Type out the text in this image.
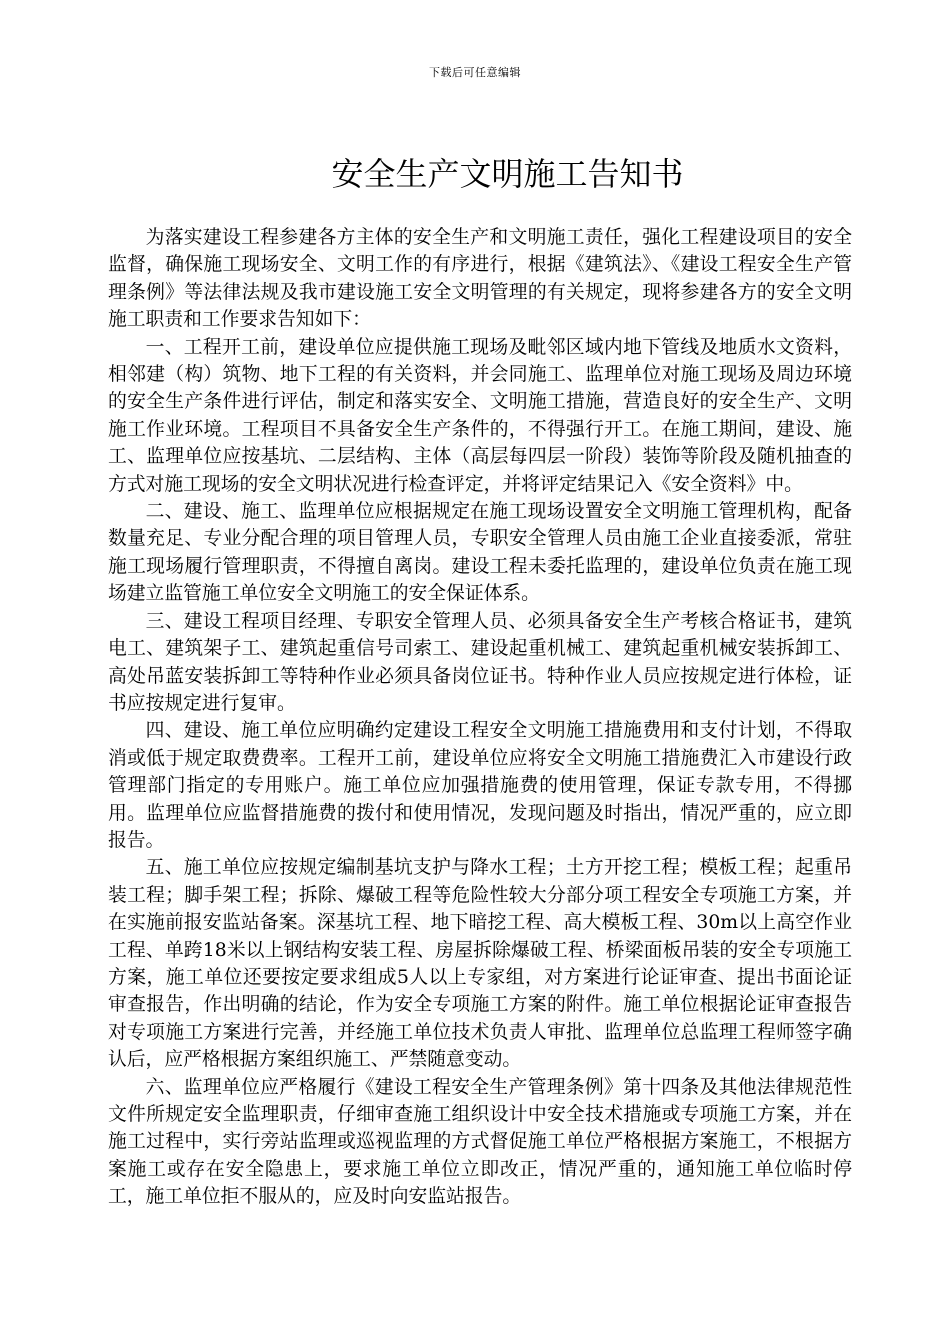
下载后可任意编辑
安全生产文明施工告知书

为落实建设工程参建各方主体的安全生产和文明施工责任，强化工程建设项目的安全监督，确保施工现场安全、文明工作的有序进行，根据《建筑法》、《建设工程安全生产管理条例》等法律法规及我市建设施工安全文明管理的有关规定，现将参建各方的安全文明施工职责和工作要求告知如下：

一、工程开工前，建设单位应提供施工现场及毗邻区域内地下管线及地质水文资料，相邻建（构）筑物、地下工程的有关资料，并会同施工、监理单位对施工现场及周边环境的安全生产条件进行评估，制定和落实安全、文明施工措施，营造良好的安全生产、文明施工作业环境。工程项目不具备安全生产条件的，不得强行开工。在施工期间，建设、施工、监理单位应按基坑、二层结构、主体（高层每四层一阶段）装饰等阶段及随机抽查的方式对施工现场的安全文明状况进行检查评定，并将评定结果记入《安全资料》中。

二、建设、施工、监理单位应根据规定在施工现场设置安全文明施工管理机构，配备数量充足、专业分配合理的项目管理人员，专职安全管理人员由施工企业直接委派，常驻施工现场履行管理职责，不得擅自离岗。建设工程未委托监理的，建设单位负责在施工现场建立监管施工单位安全文明施工的安全保证体系。

三、建设工程项目经理、专职安全管理人员、必须具备安全生产考核合格证书，建筑电工、建筑架子工、建筑起重信号司索工、建设起重机械工、建筑起重机械安装拆卸工、高处吊蓝安装拆卸工等特种作业必须具备岗位证书。特种作业人员应按规定进行体检，证书应按规定进行复审。

四、建设、施工单位应明确约定建设工程安全文明施工措施费用和支付计划，不得取消或低于规定取费费率。工程开工前，建设单位应将安全文明施工措施费汇入市建设行政管理部门指定的专用账户。施工单位应加强措施费的使用管理，保证专款专用，不得挪用。监理单位应监督措施费的拨付和使用情况，发现问题及时指出，情况严重的，应立即报告。

五、施工单位应按规定编制基坑支护与降水工程；土方开挖工程；模板工程；起重吊装工程；脚手架工程；拆除、爆破工程等危险性较大分部分项工程安全专项施工方案，并在实施前报安监站备案。深基坑工程、地下暗挖工程、高大模板工程、30m以上高空作业工程、单跨18米以上钢结构安装工程、房屋拆除爆破工程、桥梁面板吊装的安全专项施工方案，施工单位还要按定要求组成5人以上专家组，对方案进行论证审查、提出书面论证审查报告，作出明确的结论，作为安全专项施工方案的附件。施工单位根据论证审查报告对专项施工方案进行完善，并经施工单位技术负责人审批、监理单位总监理工程师签字确认后，应严格根据方案组织施工、严禁随意变动。

六、监理单位应严格履行《建设工程安全生产管理条例》第十四条及其他法律规范性文件所规定安全监理职责，仔细审查施工组织设计中安全技术措施或专项施工方案，并在施工过程中，实行旁站监理或巡视监理的方式督促施工单位严格根据方案施工，不根据方案施工或存在安全隐患上，要求施工单位立即改正，情况严重的，通知施工单位临时停工，施工单位拒不服从的，应及时向安监站报告。
